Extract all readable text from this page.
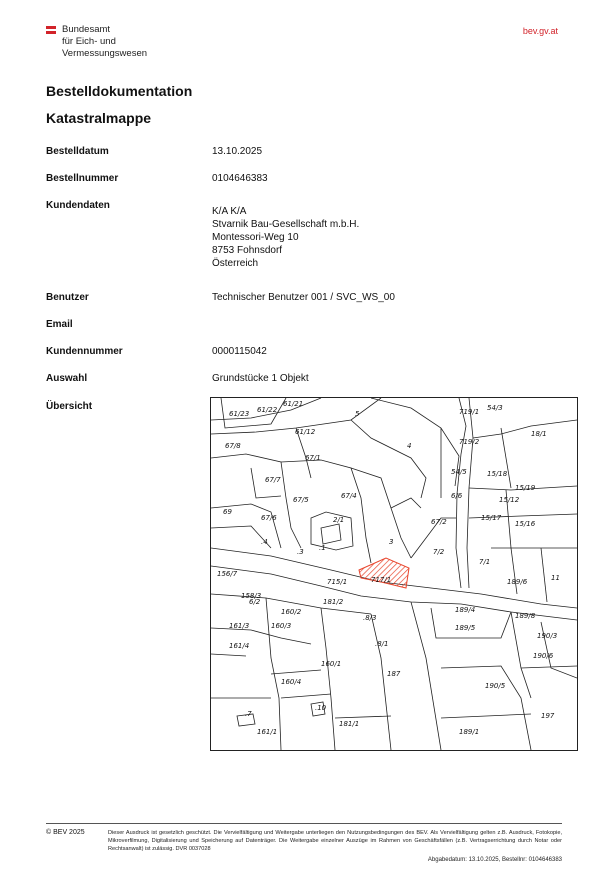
Bundesamt
für Eich- und
Vermessungswesen
bev.gv.at
Bestelldokumentation
Katastralmappe
Bestelldatum	13.10.2025
Bestellnummer	0104646383
Kundendaten
K/A K/A
Stvarnik Bau-Gesellschaft m.b.H.
Montessori-Weg 10
8753 Fohnsdorf
Österreich
Benutzer	Technischer Benutzer 001 / SVC_WS_00
Email
Kundennummer	0000115042
Auswahl	Grundstücke 1 Objekt
Übersicht
61/23 61/22
61/21
5
4
67/8
61/12
67/1
719/1
719/2
54/3
18/1
67/7
67/5	67/4
54/5
6/6
15/18
15/19
15/12
69
67/6	2/1	67/2
7/2
15/17
15/16
.4
.3 .1
3
156/7
7/1
189/6
715/1	717/1	11
158/3
6/2	181/2
160/2	189/4
189/8
161/3	160/3
.8/3
189/5
190/3
161/4	.8/1
190/6
160/1
187
160/4	190/5
.10
.7	197
181/1
189/1
161/1
© BEV 2025	Dieser Ausdruck ist gesetzlich geschützt. Die Vervielfältigung und Weitergabe unterliegen den Nutzungsbedingungen des BEV. Als Vervielfältigung gelten z.B. Ausdruck, Fotokopie, Mikroverfilmung, Digitalisierung und Speicherung auf Datenträger. Die Weitergabe einzelner Auszüge im Rahmen von Geschäftsfällen (z.B. Vertragserrichtung durch Notar oder Rechtsanwalt) ist zulässig. DVR 0037028
Abgabedatum: 13.10.2025, Bestellnr: 0104646383
